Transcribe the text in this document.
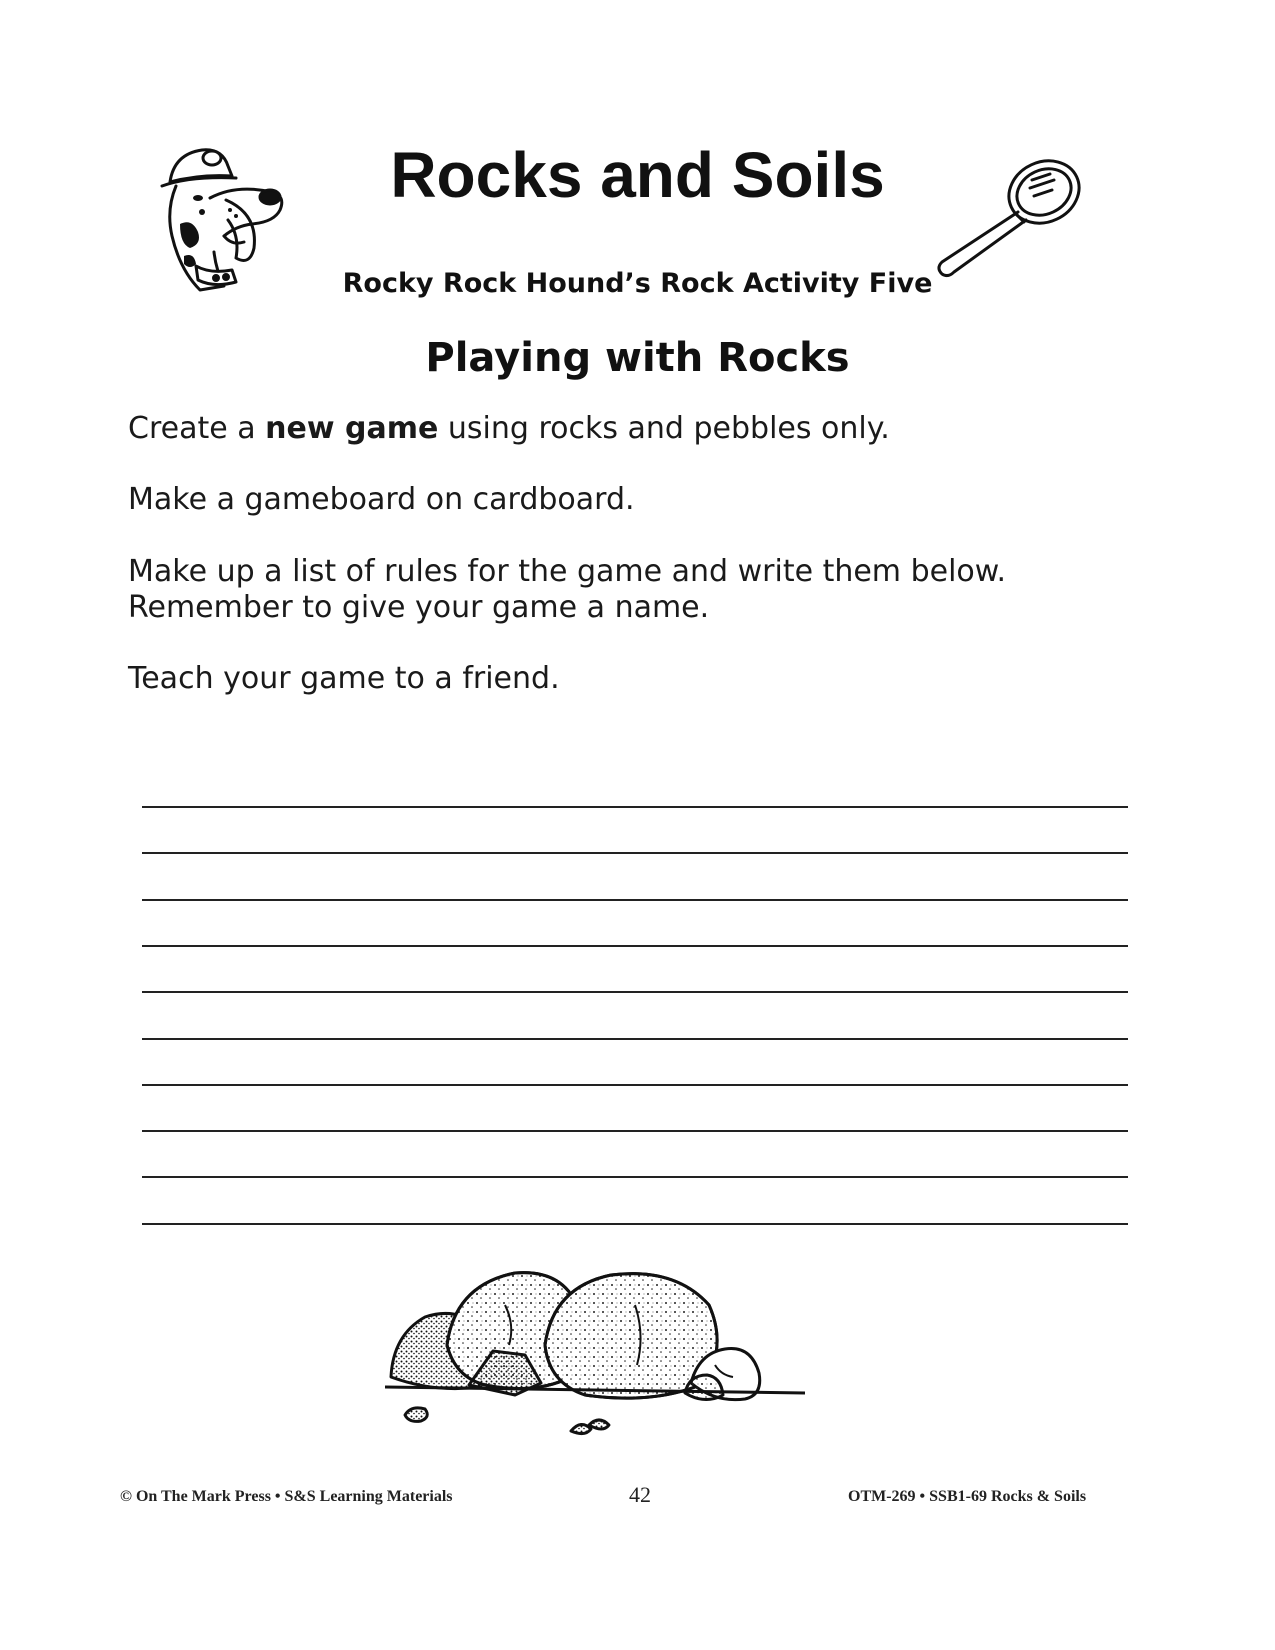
Rocks and Soils
Rocky Rock Hound’s Rock Activity Five
Playing with Rocks
Create a new game using rocks and pebbles only.
Make a gameboard on cardboard.
Make up a list of rules for the game and write them below.
Remember to give your game a name.
Teach your game to a friend.
© On The Mark Press • S&S Learning Materials	42	OTM-269 • SSB1-69 Rocks & Soils
